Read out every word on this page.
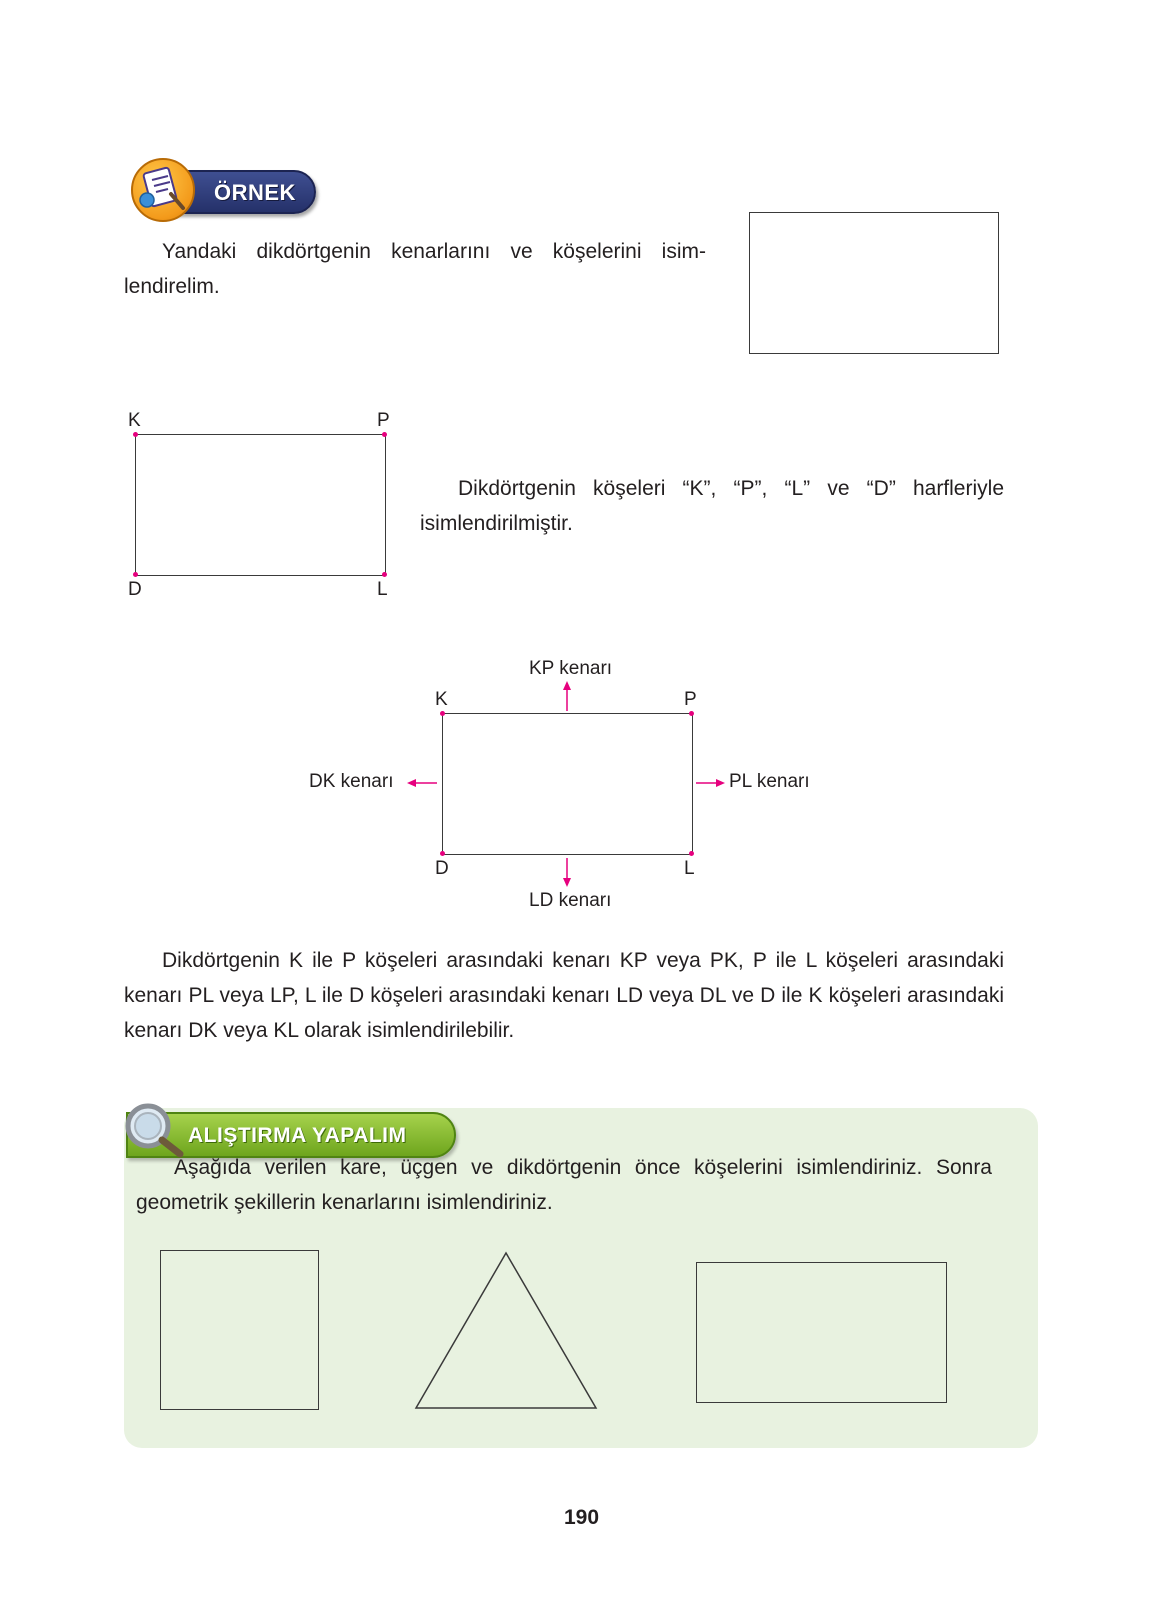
ÖRNEK

Yandaki dikdörtgenin kenarlarını ve köşelerini isimlendirelim.

K	P
D	L

Dikdörtgenin köşeleri “K”, “P”, “L” ve “D” harfleriyle isimlendirilmiştir.

K	P
D	L
KP kenarı
DK kenarı	PL kenarı
LD kenarı

Dikdörtgenin K ile P köşeleri arasındaki kenarı KP veya PK, P ile L köşeleri arasındaki kenarı PL veya LP, L ile D köşeleri arasındaki kenarı LD veya DL ve D ile K köşeleri arasındaki kenarı DK veya KL olarak isimlendirilebilir.

ALIŞTIRMA YAPALIM

Aşağıda verilen kare, üçgen ve dikdörtgenin önce köşelerini isimlendiriniz. Sonra geometrik şekillerin kenarlarını isimlendiriniz.

190
